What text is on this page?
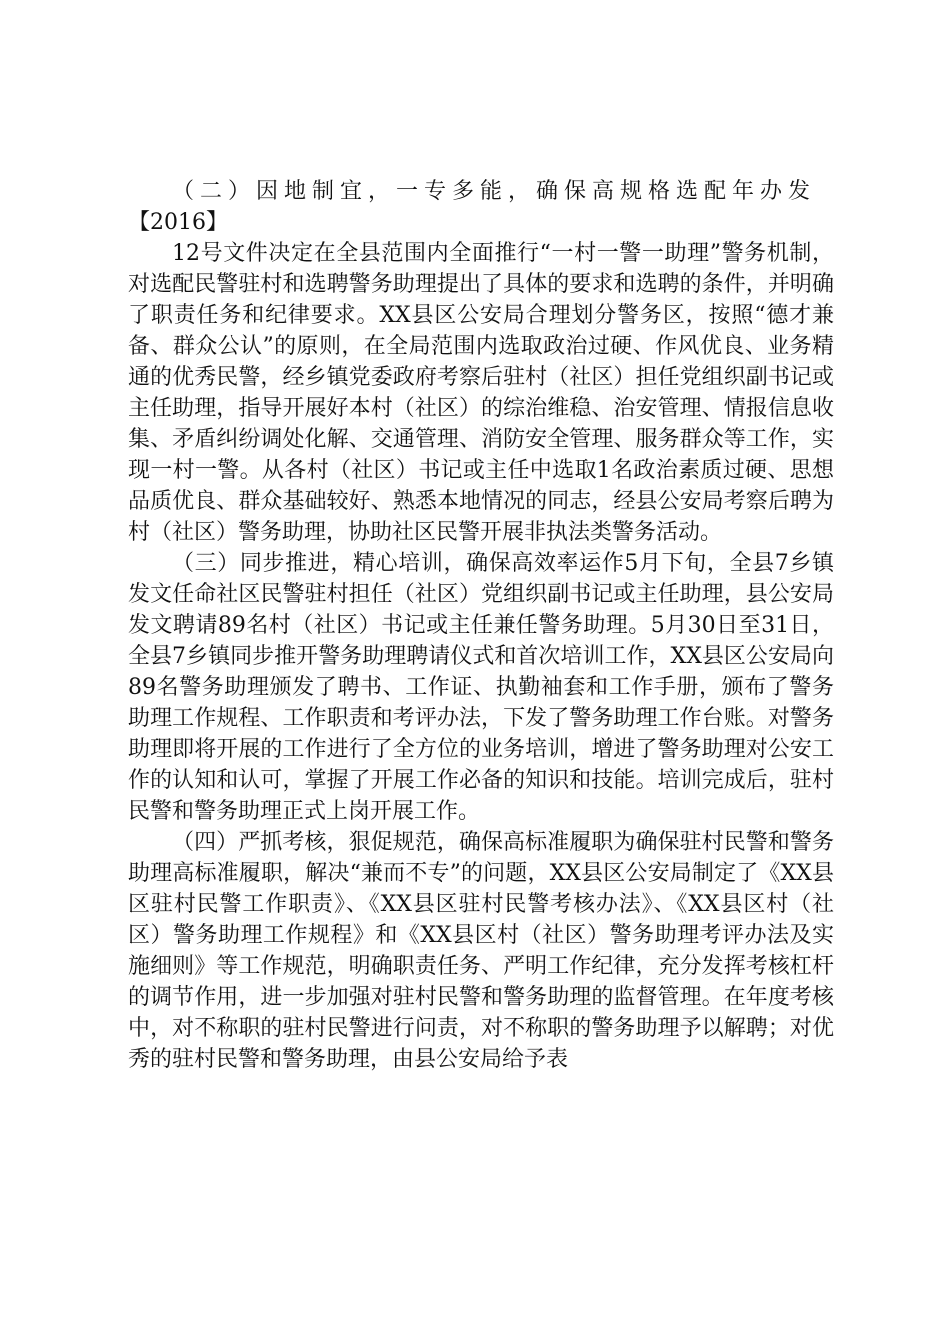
（二）因地制宜，一专多能，确保高规格选配年办发

【2016】

12号文件决定在全县范围内全面推行“一村一警一助理”警务机制，对选配民警驻村和选聘警务助理提出了具体的要求和选聘的条件，并明确了职责任务和纪律要求。XX县区公安局合理划分警务区，按照“德才兼备、群众公认”的原则，在全局范围内选取政治过硬、作风优良、业务精通的优秀民警，经乡镇党委政府考察后驻村（社区）担任党组织副书记或主任助理，指导开展好本村（社区）的综治维稳、治安管理、情报信息收集、矛盾纠纷调处化解、交通管理、消防安全管理、服务群众等工作，实现一村一警。从各村（社区）书记或主任中选取1名政治素质过硬、思想品质优良、群众基础较好、熟悉本地情况的同志，经县公安局考察后聘为村（社区）警务助理，协助社区民警开展非执法类警务活动。

（三）同步推进，精心培训，确保高效率运作5月下旬，全县7乡镇发文任命社区民警驻村担任（社区）党组织副书记或主任助理，县公安局发文聘请89名村（社区）书记或主任兼任警务助理。5月30日至31日，全县7乡镇同步推开警务助理聘请仪式和首次培训工作，XX县区公安局向89名警务助理颁发了聘书、工作证、执勤袖套和工作手册，颁布了警务助理工作规程、工作职责和考评办法，下发了警务助理工作台账。对警务助理即将开展的工作进行了全方位的业务培训，增进了警务助理对公安工作的认知和认可，掌握了开展工作必备的知识和技能。培训完成后，驻村民警和警务助理正式上岗开展工作。

（四）严抓考核，狠促规范，确保高标准履职为确保驻村民警和警务助理高标准履职，解决“兼而不专”的问题，XX县区公安局制定了《XX县区驻村民警工作职责》、《XX县区驻村民警考核办法》、《XX县区村（社区）警务助理工作规程》和《XX县区村（社区）警务助理考评办法及实施细则》等工作规范，明确职责任务、严明工作纪律，充分发挥考核杠杆的调节作用，进一步加强对驻村民警和警务助理的监督管理。在年度考核中，对不称职的驻村民警进行问责，对不称职的警务助理予以解聘；对优秀的驻村民警和警务助理，由县公安局给予表
